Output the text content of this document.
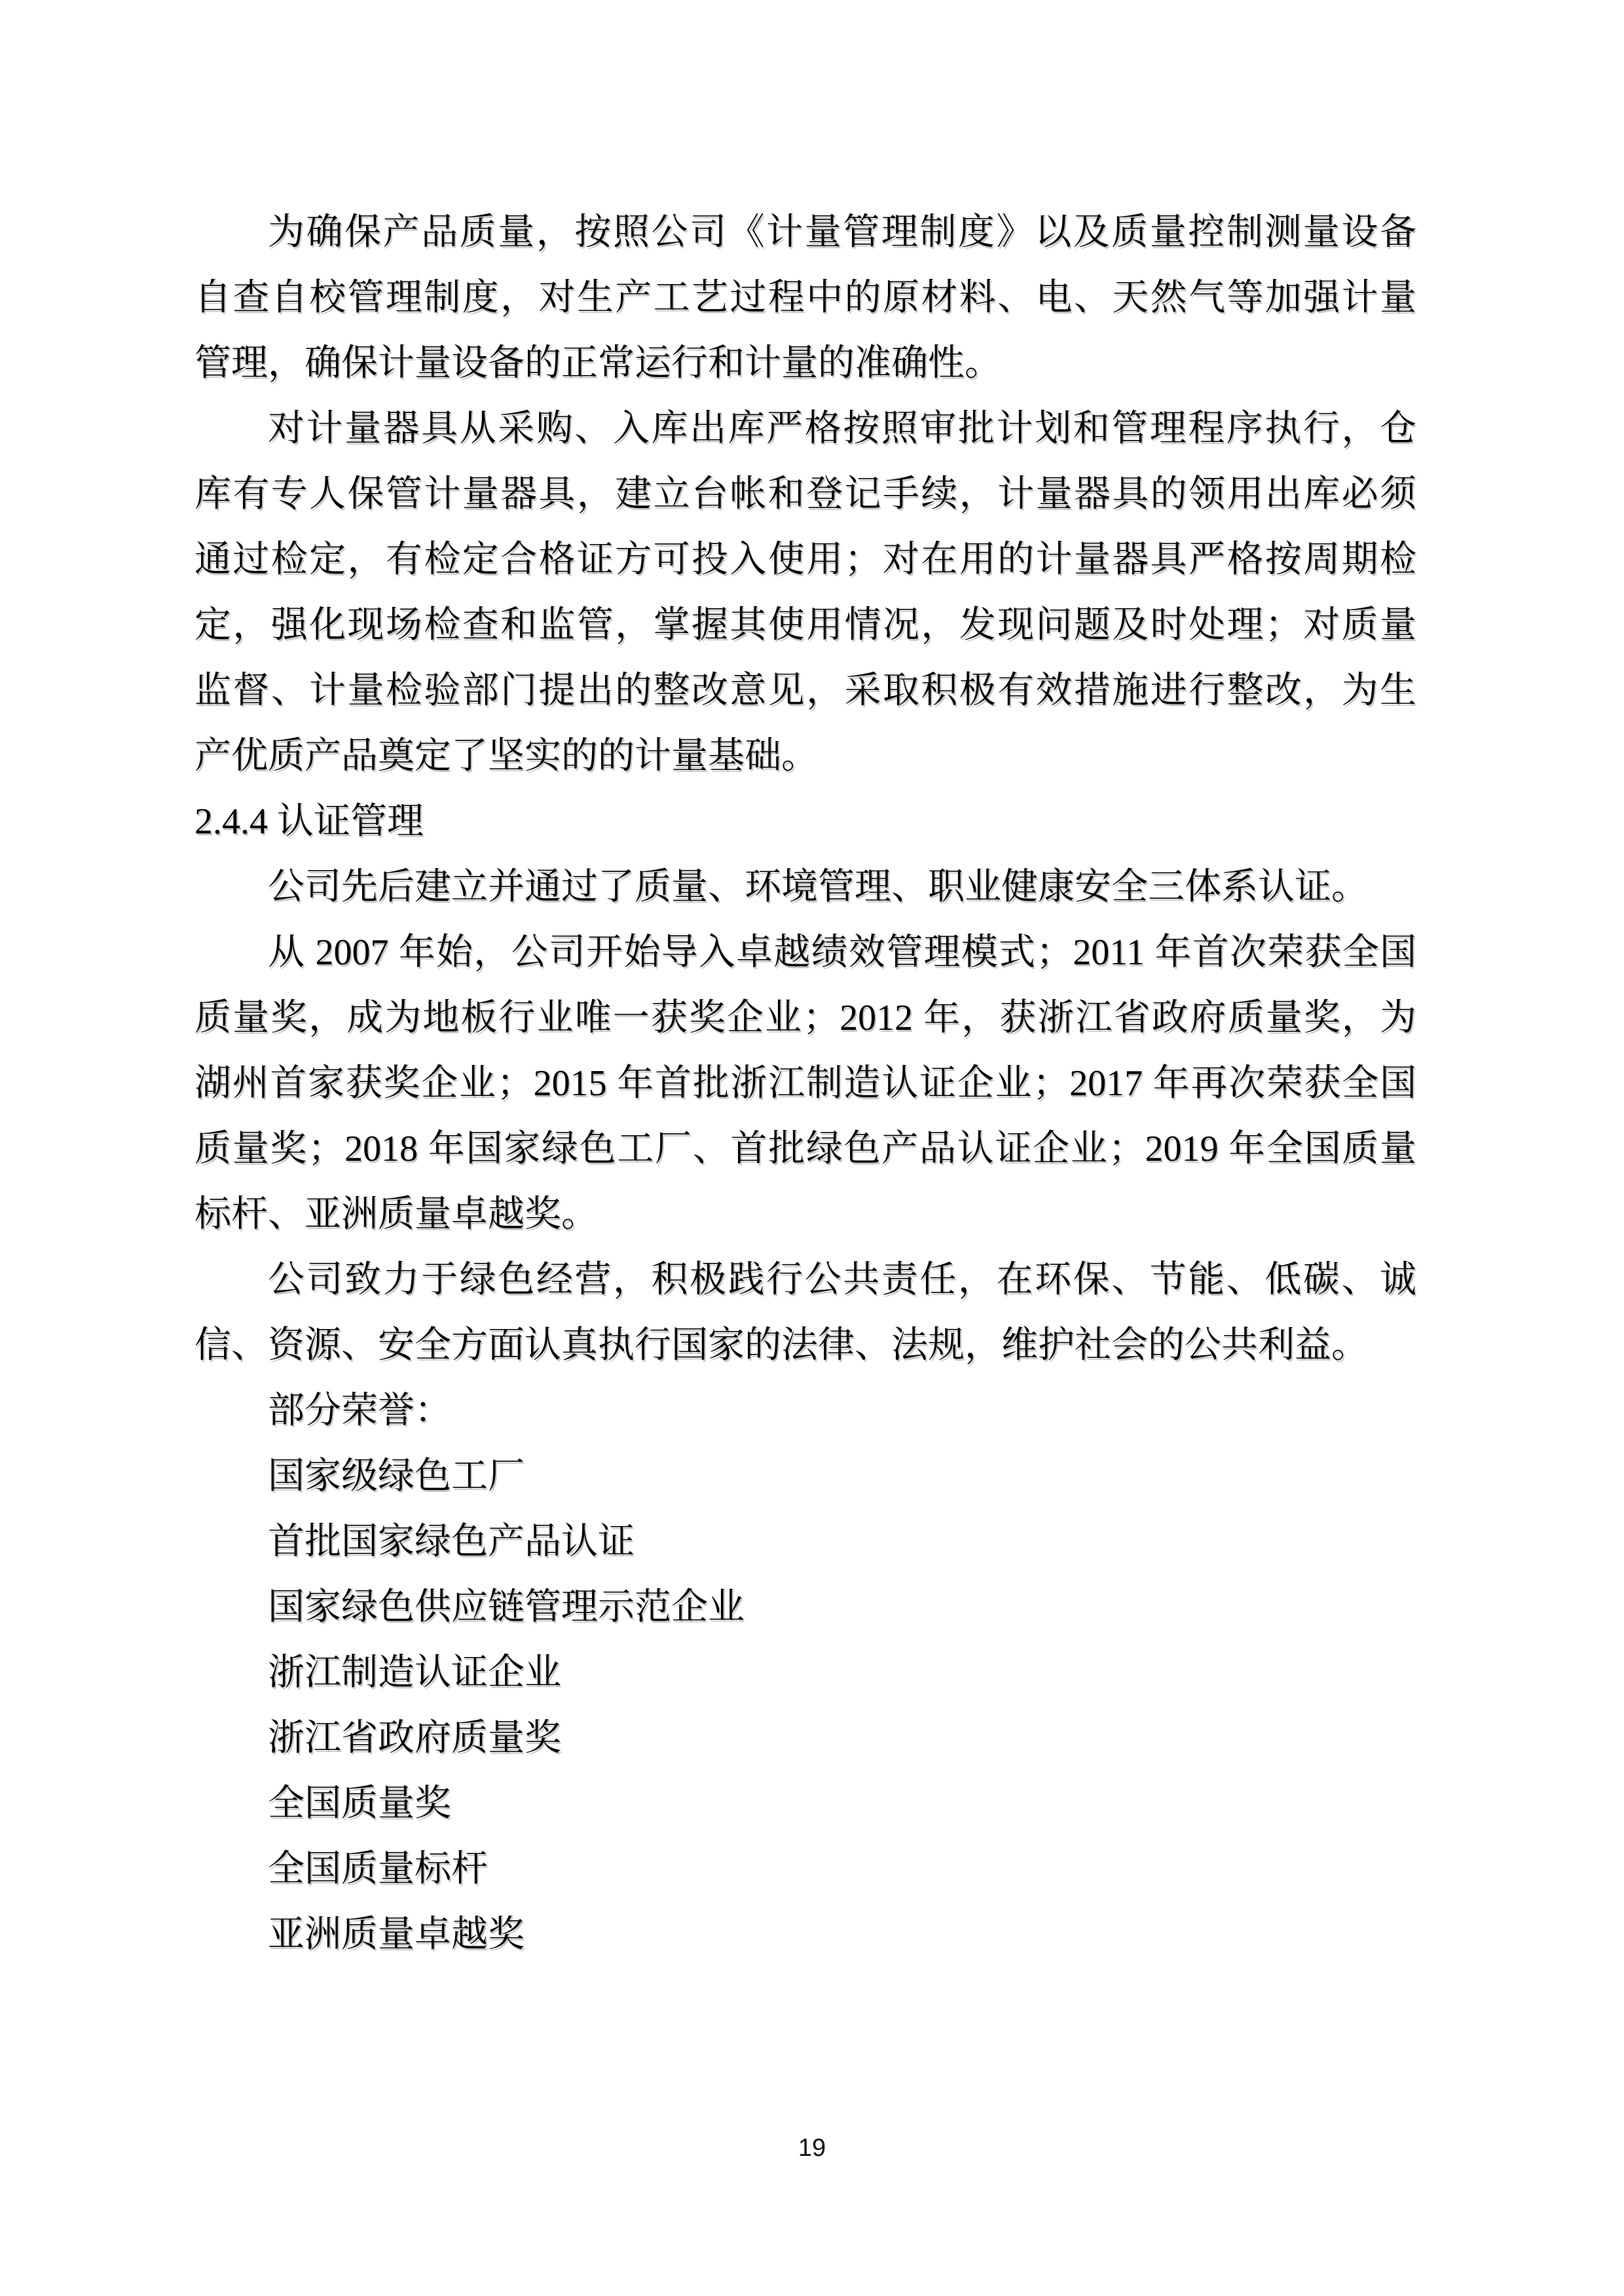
为确保产品质量，按照公司《计量管理制度》以及质量控制测量设备
自查自校管理制度，对生产工艺过程中的原材料、电、天然气等加强计量
管理，确保计量设备的正常运行和计量的准确性。
对计量器具从采购、入库出库严格按照审批计划和管理程序执行，仓
库有专人保管计量器具，建立台帐和登记手续，计量器具的领用出库必须
通过检定，有检定合格证方可投入使用；对在用的计量器具严格按周期检
定，强化现场检查和监管，掌握其使用情况，发现问题及时处理；对质量
监督、计量检验部门提出的整改意见，采取积极有效措施进行整改，为生
产优质产品奠定了坚实的的计量基础。
2.4.4 认证管理
公司先后建立并通过了质量、环境管理、职业健康安全三体系认证。
从 2007 年始，公司开始导入卓越绩效管理模式；2011 年首次荣获全国
质量奖，成为地板行业唯一获奖企业；2012 年，获浙江省政府质量奖，为
湖州首家获奖企业；2015 年首批浙江制造认证企业；2017 年再次荣获全国
质量奖；2018 年国家绿色工厂、首批绿色产品认证企业；2019 年全国质量
标杆、亚洲质量卓越奖。
公司致力于绿色经营，积极践行公共责任，在环保、节能、低碳、诚
信、资源、安全方面认真执行国家的法律、法规，维护社会的公共利益。
部分荣誉：
国家级绿色工厂
首批国家绿色产品认证
国家绿色供应链管理示范企业
浙江制造认证企业
浙江省政府质量奖
全国质量奖
全国质量标杆
亚洲质量卓越奖
19
